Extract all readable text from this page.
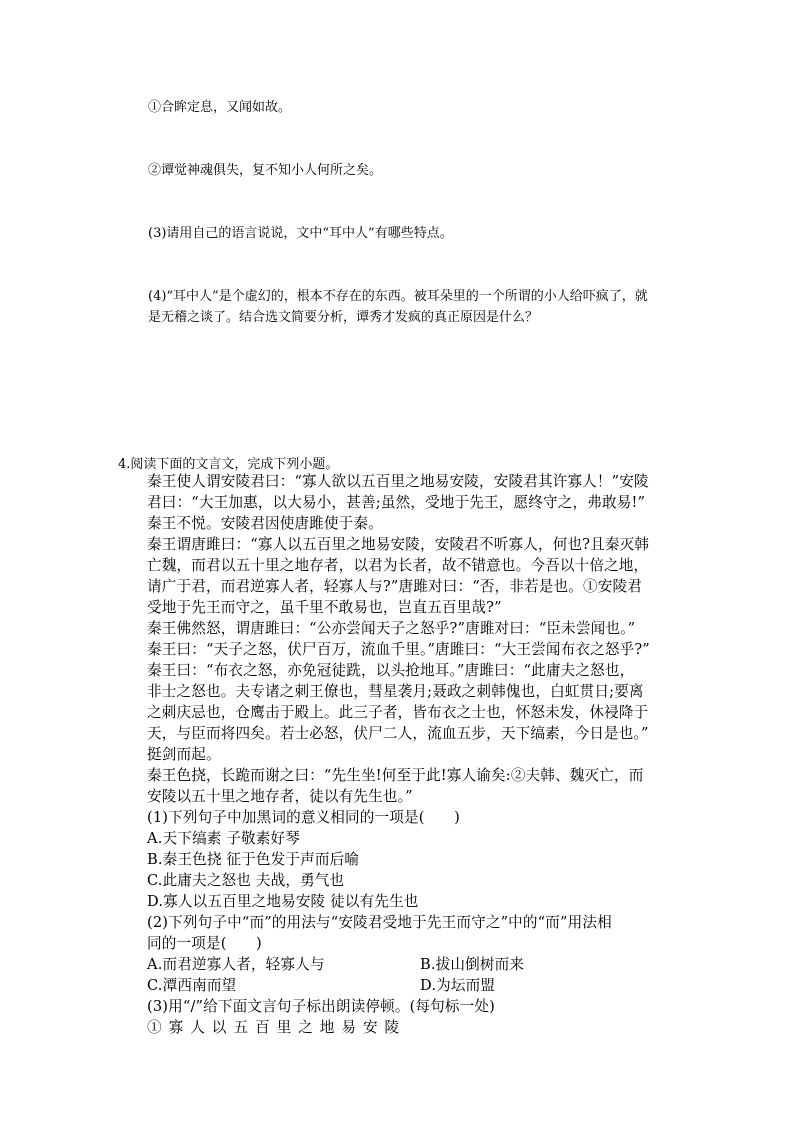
①合眸定息，又闻如故。
②谭觉神魂俱失，复不知小人何所之矣。
(3)请用自己的语言说说，文中“耳中人”有哪些特点。
(4)“耳中人”是个虚幻的，根本不存在的东西。被耳朵里的一个所谓的小人给吓疯了，就
是无稽之谈了。结合选文简要分析，谭秀才发疯的真正原因是什么？
4.阅读下面的文言文，完成下列小题。
秦王使人谓安陵君曰：“寡人欲以五百里之地易安陵，安陵君其许寡人！”安陵
君曰：“大王加惠，以大易小，甚善;虽然，受地于先王，愿终守之，弗敢易!”
秦王不悦。安陵君因使唐雎使于秦。
秦王谓唐雎曰：“寡人以五百里之地易安陵，安陵君不听寡人，何也?且秦灭韩
亡魏，而君以五十里之地存者，以君为长者，故不错意也。今吾以十倍之地，
请广于君，而君逆寡人者，轻寡人与?”唐雎对曰：“否，非若是也。①安陵君
受地于先王而守之，虽千里不敢易也，岂直五百里哉?”
秦王佛然怒，谓唐雎曰：“公亦尝闻天子之怒乎?”唐雎对曰：“臣未尝闻也。”
秦王曰：“天子之怒，伏尸百万，流血千里。”唐雎曰：“大王尝闻布衣之怒乎?”
秦王曰：“布衣之怒，亦免冠徒跣，以头抢地耳。”唐雎曰：“此庸夫之怒也，
非士之怒也。夫专诸之刺王僚也，彗星袭月;聂政之刺韩傀也，白虹贯日;要离
之刺庆忌也，仓鹰击于殿上。此三子者，皆布衣之士也，怀怒未发，休祲降于
天，与臣而将四矣。若士必怒，伏尸二人，流血五步，天下缟素，今日是也。”
挺剑而起。
秦王色挠，长跪而谢之曰：“先生坐!何至于此!寡人谕矣:②夫韩、魏灭亡，而
安陵以五十里之地存者，徒以有先生也。”
(1)下列句子中加黑词的意义相同的一项是(　　)
A.天下缟素 子敬素好琴
B.秦王色挠 征于色发于声而后喻
C.此庸夫之怒也 夫战，勇气也
D.寡人以五百里之地易安陵 徒以有先生也
(2)下列句子中“而”的用法与“安陵君受地于先王而守之”中的“而”用法相
同的一项是(　　)
A.而君逆寡人者，轻寡人与	B.拔山倒树而来
C.潭西南而望	D.为坛而盟
(3)用“/”给下面文言句子标出朗读停顿。(每句标一处)
①寡人以五百里之地易安陵
